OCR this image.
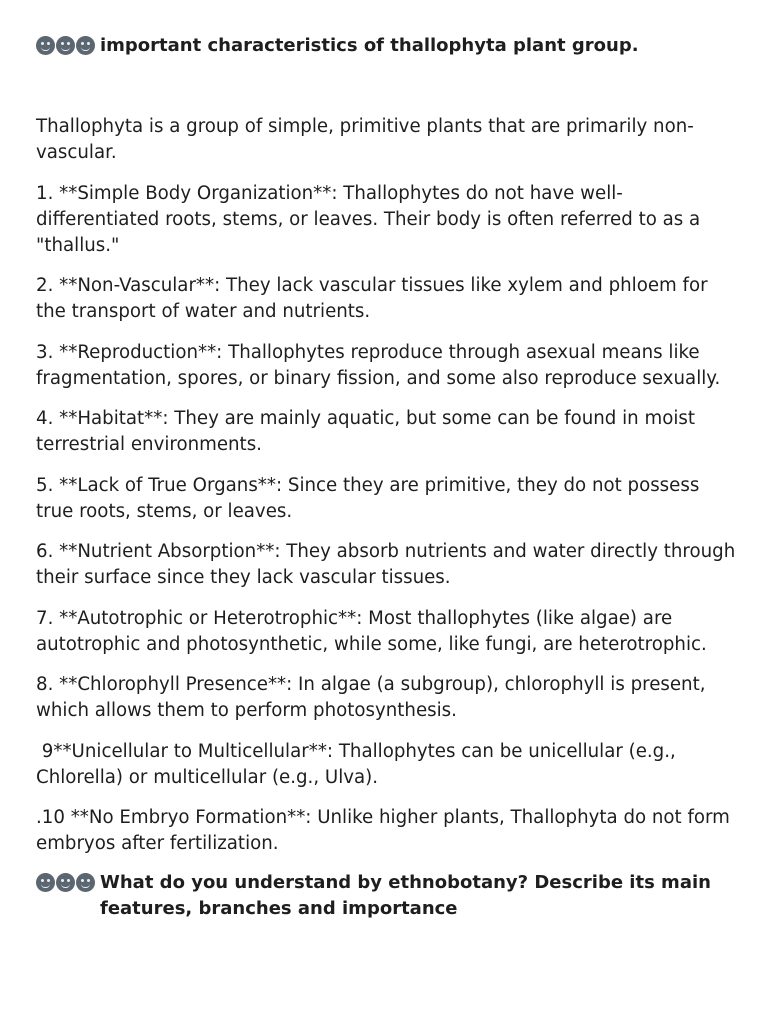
important characteristics of thallophyta plant group.

Thallophyta is a group of simple, primitive plants that are primarily non-vascular.

1. **Simple Body Organization**: Thallophytes do not have well-differentiated roots, stems, or leaves. Their body is often referred to as a "thallus."

2. **Non-Vascular**: They lack vascular tissues like xylem and phloem for the transport of water and nutrients.

3. **Reproduction**: Thallophytes reproduce through asexual means like fragmentation, spores, or binary fission, and some also reproduce sexually.

4. **Habitat**: They are mainly aquatic, but some can be found in moist terrestrial environments.

5. **Lack of True Organs**: Since they are primitive, they do not possess true roots, stems, or leaves.

6. **Nutrient Absorption**: They absorb nutrients and water directly through their surface since they lack vascular tissues.

7. **Autotrophic or Heterotrophic**: Most thallophytes (like algae) are autotrophic and photosynthetic, while some, like fungi, are heterotrophic.

8. **Chlorophyll Presence**: In algae (a subgroup), chlorophyll is present, which allows them to perform photosynthesis.

9**Unicellular to Multicellular**: Thallophytes can be unicellular (e.g., Chlorella) or multicellular (e.g., Ulva).

.10 **No Embryo Formation**: Unlike higher plants, Thallophyta do not form embryos after fertilization.

What do you understand by ethnobotany? Describe its main features, branches and importance
